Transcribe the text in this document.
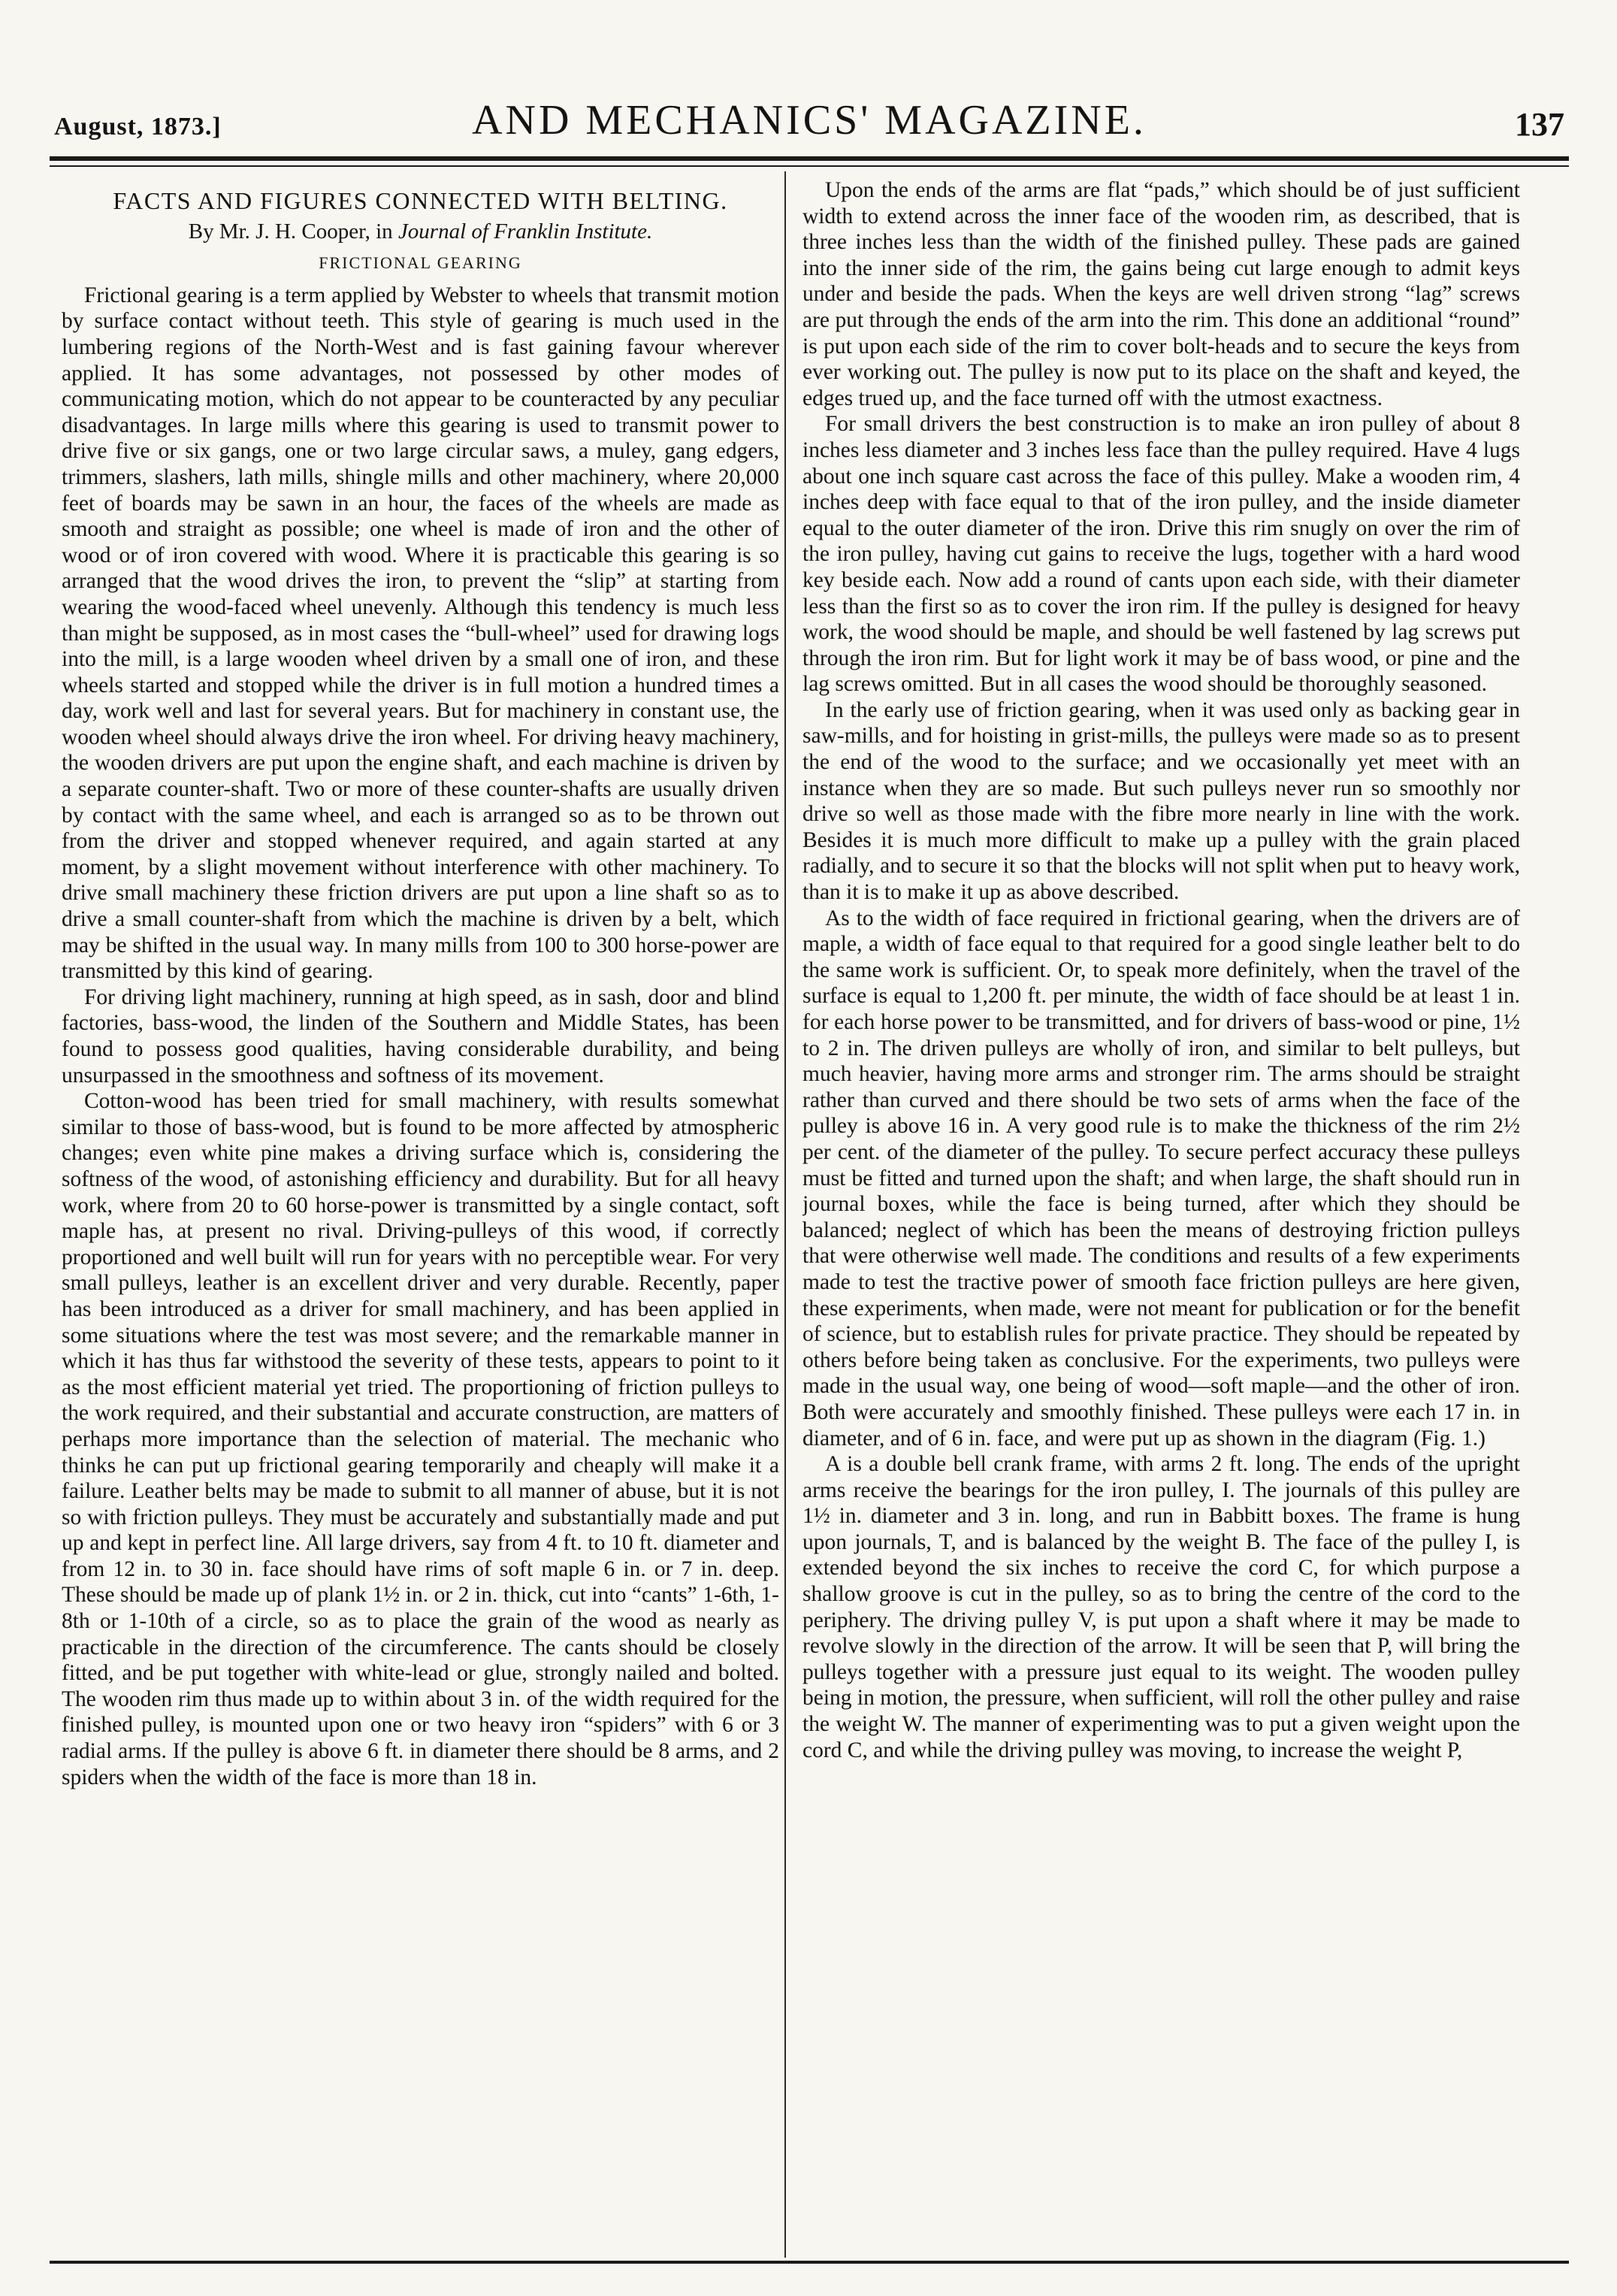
August, 1873.]	AND MECHANICS' MAGAZINE.	137
FACTS AND FIGURES CONNECTED WITH BELTING.
By Mr. J. H. Cooper, in Journal of Franklin Institute.
FRICTIONAL GEARING

Frictional gearing is a term applied by Webster to wheels that transmit motion by surface contact without teeth. This style of gearing is much used in the lumbering regions of the North-West and is fast gaining favour wherever applied. It has some advantages, not possessed by other modes of communicating motion, which do not appear to be counteracted by any peculiar disadvantages. In large mills where this gearing is used to transmit power to drive five or six gangs, one or two large circular saws, a muley, gang edgers, trimmers, slashers, lath mills, shingle mills and other machinery, where 20,000 feet of boards may be sawn in an hour, the faces of the wheels are made as smooth and straight as possible; one wheel is made of iron and the other of wood or of iron covered with wood. Where it is practicable this gearing is so arranged that the wood drives the iron, to prevent the “slip” at starting from wearing the wood-faced wheel unevenly. Although this tendency is much less than might be supposed, as in most cases the “bull-wheel” used for drawing logs into the mill, is a large wooden wheel driven by a small one of iron, and these wheels started and stopped while the driver is in full motion a hundred times a day, work well and last for several years. But for machinery in constant use, the wooden wheel should always drive the iron wheel. For driving heavy machinery, the wooden drivers are put upon the engine shaft, and each machine is driven by a separate counter-shaft. Two or more of these counter-shafts are usually driven by contact with the same wheel, and each is arranged so as to be thrown out from the driver and stopped whenever required, and again started at any moment, by a slight movement without interference with other machinery. To drive small machinery these friction drivers are put upon a line shaft so as to drive a small counter-shaft from which the machine is driven by a belt, which may be shifted in the usual way. In many mills from 100 to 300 horse-power are transmitted by this kind of gearing.

For driving light machinery, running at high speed, as in sash, door and blind factories, bass-wood, the linden of the Southern and Middle States, has been found to possess good qualities, having considerable durability, and being unsurpassed in the smoothness and softness of its movement.

Cotton-wood has been tried for small machinery, with results somewhat similar to those of bass-wood, but is found to be more affected by atmospheric changes; even white pine makes a driving surface which is, considering the softness of the wood, of astonishing efficiency and durability. But for all heavy work, where from 20 to 60 horse-power is transmitted by a single contact, soft maple has, at present no rival. Driving-pulleys of this wood, if correctly proportioned and well built will run for years with no perceptible wear. For very small pulleys, leather is an excellent driver and very durable. Recently, paper has been introduced as a driver for small machinery, and has been applied in some situations where the test was most severe; and the remarkable manner in which it has thus far withstood the severity of these tests, appears to point to it as the most efficient material yet tried. The proportioning of friction pulleys to the work required, and their substantial and accurate construction, are matters of perhaps more importance than the selection of material. The mechanic who thinks he can put up frictional gearing temporarily and cheaply will make it a failure. Leather belts may be made to submit to all manner of abuse, but it is not so with friction pulleys. They must be accurately and substantially made and put up and kept in perfect line. All large drivers, say from 4 ft. to 10 ft. diameter and from 12 in. to 30 in. face should have rims of soft maple 6 in. or 7 in. deep. These should be made up of plank 1½ in. or 2 in. thick, cut into “cants” 1-6th, 1-8th or 1-10th of a circle, so as to place the grain of the wood as nearly as practicable in the direction of the circumference. The cants should be closely fitted, and be put together with white-lead or glue, strongly nailed and bolted. The wooden rim thus made up to within about 3 in. of the width required for the finished pulley, is mounted upon one or two heavy iron “spiders” with 6 or 3 radial arms. If the pulley is above 6 ft. in diameter there should be 8 arms, and 2 spiders when the width of the face is more than 18 in.

Upon the ends of the arms are flat “pads,” which should be of just sufficient width to extend across the inner face of the wooden rim, as described, that is three inches less than the width of the finished pulley. These pads are gained into the inner side of the rim, the gains being cut large enough to admit keys under and beside the pads. When the keys are well driven strong “lag” screws are put through the ends of the arm into the rim. This done an additional “round” is put upon each side of the rim to cover bolt-heads and to secure the keys from ever working out. The pulley is now put to its place on the shaft and keyed, the edges trued up, and the face turned off with the utmost exactness.

For small drivers the best construction is to make an iron pulley of about 8 inches less diameter and 3 inches less face than the pulley required. Have 4 lugs about one inch square cast across the face of this pulley. Make a wooden rim, 4 inches deep with face equal to that of the iron pulley, and the inside diameter equal to the outer diameter of the iron. Drive this rim snugly on over the rim of the iron pulley, having cut gains to receive the lugs, together with a hard wood key beside each. Now add a round of cants upon each side, with their diameter less than the first so as to cover the iron rim. If the pulley is designed for heavy work, the wood should be maple, and should be well fastened by lag screws put through the iron rim. But for light work it may be of bass wood, or pine and the lag screws omitted. But in all cases the wood should be thoroughly seasoned.

In the early use of friction gearing, when it was used only as backing gear in saw-mills, and for hoisting in grist-mills, the pulleys were made so as to present the end of the wood to the surface; and we occasionally yet meet with an instance when they are so made. But such pulleys never run so smoothly nor drive so well as those made with the fibre more nearly in line with the work. Besides it is much more difficult to make up a pulley with the grain placed radially, and to secure it so that the blocks will not split when put to heavy work, than it is to make it up as above described.

As to the width of face required in frictional gearing, when the drivers are of maple, a width of face equal to that required for a good single leather belt to do the same work is sufficient. Or, to speak more definitely, when the travel of the surface is equal to 1,200 ft. per minute, the width of face should be at least 1 in. for each horse power to be transmitted, and for drivers of bass-wood or pine, 1½ to 2 in. The driven pulleys are wholly of iron, and similar to belt pulleys, but much heavier, having more arms and stronger rim. The arms should be straight rather than curved and there should be two sets of arms when the face of the pulley is above 16 in. A very good rule is to make the thickness of the rim 2½ per cent. of the diameter of the pulley. To secure perfect accuracy these pulleys must be fitted and turned upon the shaft; and when large, the shaft should run in journal boxes, while the face is being turned, after which they should be balanced; neglect of which has been the means of destroying friction pulleys that were otherwise well made. The conditions and results of a few experiments made to test the tractive power of smooth face friction pulleys are here given, these experiments, when made, were not meant for publication or for the benefit of science, but to establish rules for private practice. They should be repeated by others before being taken as conclusive. For the experiments, two pulleys were made in the usual way, one being of wood—soft maple—and the other of iron. Both were accurately and smoothly finished. These pulleys were each 17 in. in diameter, and of 6 in. face, and were put up as shown in the diagram (Fig. 1.)

A is a double bell crank frame, with arms 2 ft. long. The ends of the upright arms receive the bearings for the iron pulley, I. The journals of this pulley are 1½ in. diameter and 3 in. long, and run in Babbitt boxes. The frame is hung upon journals, T, and is balanced by the weight B. The face of the pulley I, is extended beyond the six inches to receive the cord C, for which purpose a shallow groove is cut in the pulley, so as to bring the centre of the cord to the periphery. The driving pulley V, is put upon a shaft where it may be made to revolve slowly in the direction of the arrow. It will be seen that P, will bring the pulleys together with a pressure just equal to its weight. The wooden pulley being in motion, the pressure, when sufficient, will roll the other pulley and raise the weight W. The manner of experimenting was to put a given weight upon the cord C, and while the driving pulley was moving, to increase the weight P,
